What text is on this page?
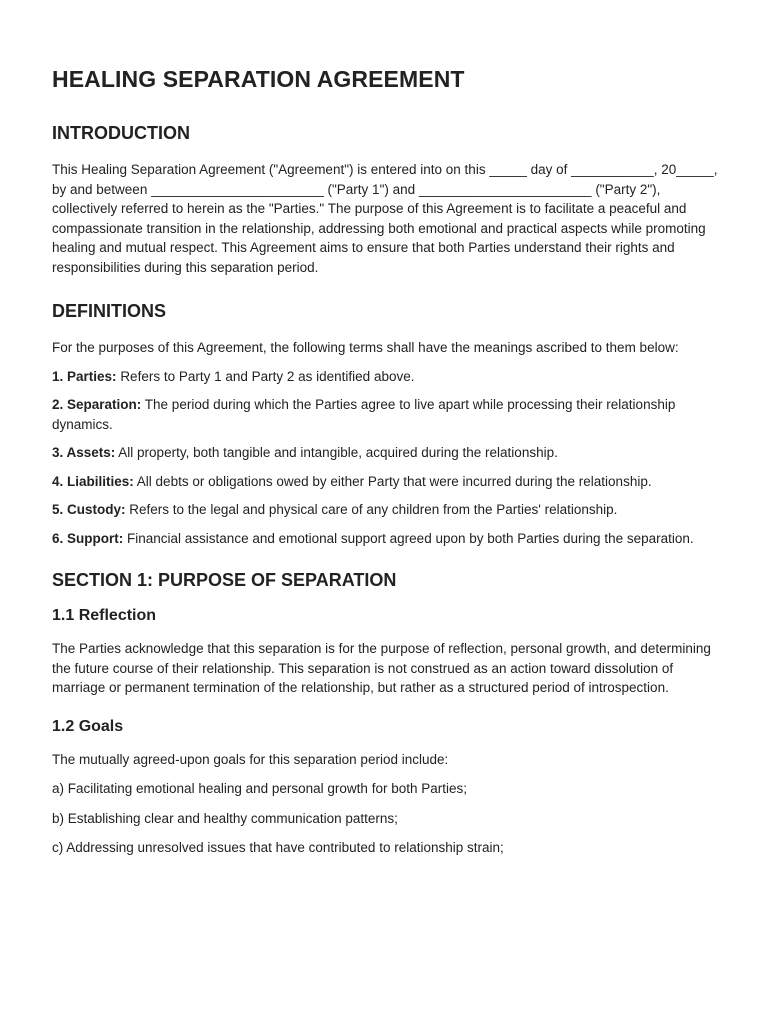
HEALING SEPARATION AGREEMENT
INTRODUCTION

This Healing Separation Agreement ("Agreement") is entered into on this _____ day of ___________, 20_____, by and between _______________________ ("Party 1") and _______________________ ("Party 2"), collectively referred to herein as the "Parties." The purpose of this Agreement is to facilitate a peaceful and compassionate transition in the relationship, addressing both emotional and practical aspects while promoting healing and mutual respect. This Agreement aims to ensure that both Parties understand their rights and responsibilities during this separation period.

DEFINITIONS

For the purposes of this Agreement, the following terms shall have the meanings ascribed to them below:

1. Parties: Refers to Party 1 and Party 2 as identified above.

2. Separation: The period during which the Parties agree to live apart while processing their relationship dynamics.

3. Assets: All property, both tangible and intangible, acquired during the relationship.

4. Liabilities: All debts or obligations owed by either Party that were incurred during the relationship.

5. Custody: Refers to the legal and physical care of any children from the Parties' relationship.

6. Support: Financial assistance and emotional support agreed upon by both Parties during the separation.

SECTION 1: PURPOSE OF SEPARATION
1.1 Reflection

The Parties acknowledge that this separation is for the purpose of reflection, personal growth, and determining the future course of their relationship. This separation is not construed as an action toward dissolution of marriage or permanent termination of the relationship, but rather as a structured period of introspection.

1.2 Goals

The mutually agreed-upon goals for this separation period include:

a) Facilitating emotional healing and personal growth for both Parties;

b) Establishing clear and healthy communication patterns;

c) Addressing unresolved issues that have contributed to relationship strain;
